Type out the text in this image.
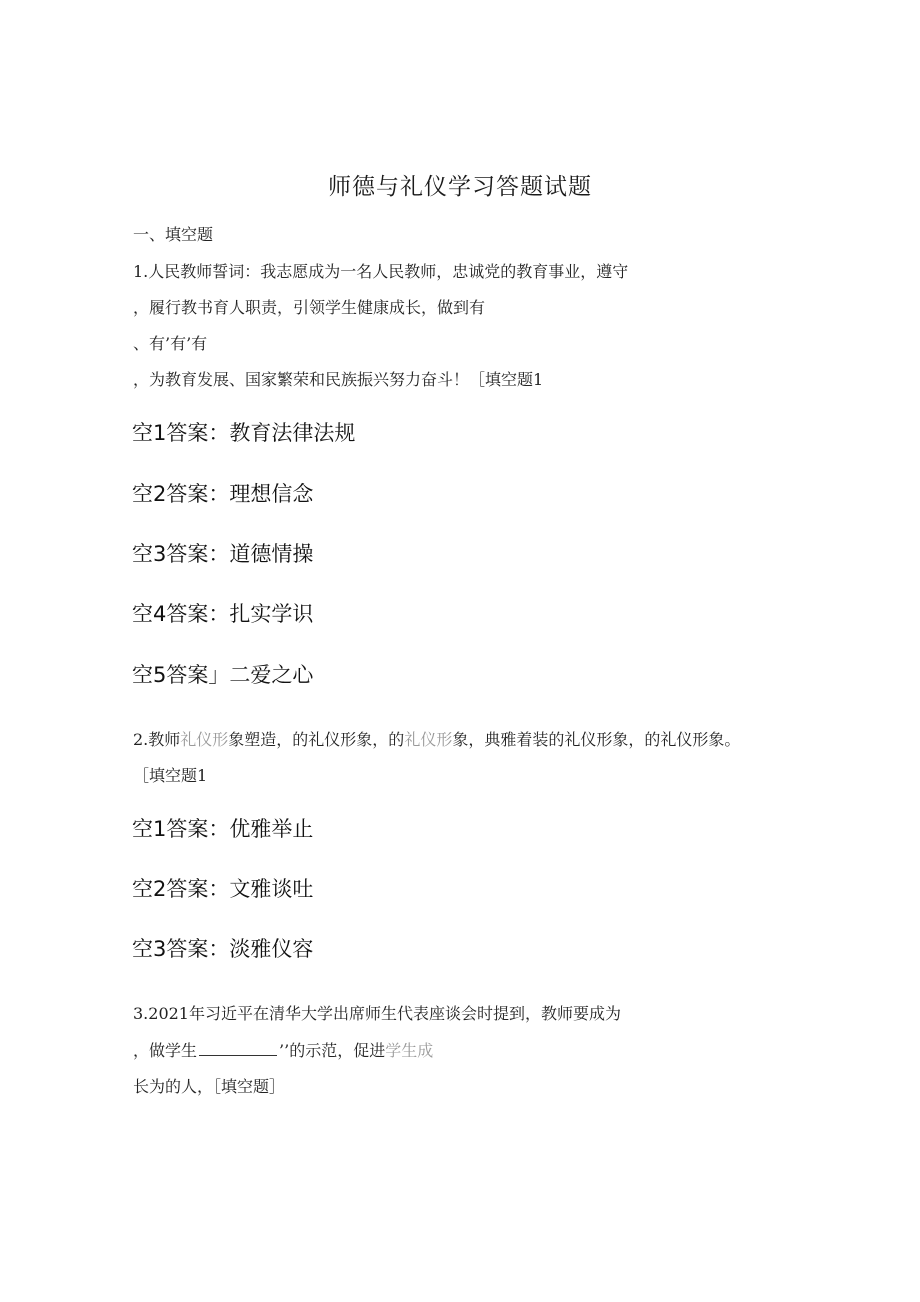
师德与礼仪学习答题试题
一、填空题
1.人民教师誓词：我志愿成为一名人民教师，忠诚党的教育事业，遵守
，履行教书育人职责，引领学生健康成长，做到有
、有’有’有
，为教育发展、国家繁荣和民族振兴努力奋斗！［填空题1
空1答案：教育法律法规
空2答案：理想信念
空3答案：道德情操
空4答案：扎实学识
空5答案」二爱之心
2.教师礼仪形象塑造，的礼仪形象，的礼仪形象，典雅着装的礼仪形象，的礼仪形象。
［填空题1
空1答案：优雅举止
空2答案：文雅谈吐
空3答案：淡雅仪容
3.2021年习近平在清华大学出席师生代表座谈会时提到，教师要成为
，做学生	’’的示范，促进学生成
长为的人，［填空题］
